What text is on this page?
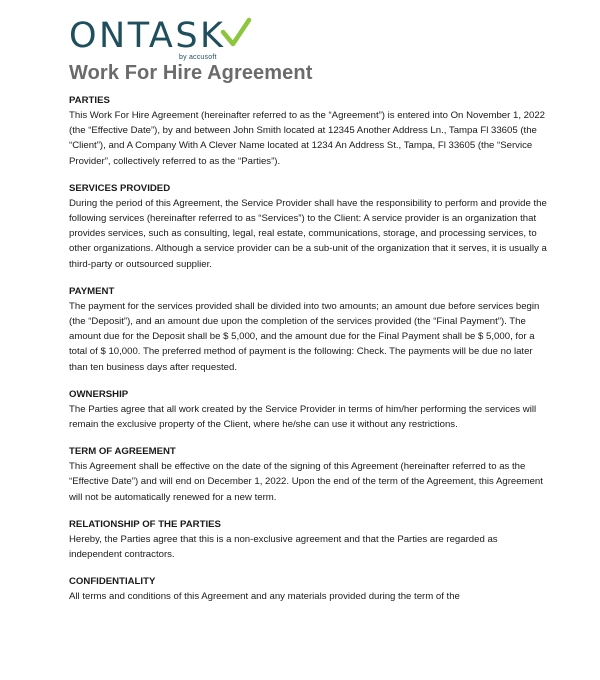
ONTASK
by accusoft
Work For Hire Agreement
PARTIES
This Work For Hire Agreement (hereinafter referred to as the “Agreement”) is entered into On November 1, 2022 (the “Effective Date”), by and between John Smith located at 12345 Another Address Ln., Tampa Fl 33605 (the “Client”), and A Company With A Clever Name located at 1234 An Address St., Tampa, Fl 33605 (the “Service Provider”, collectively referred to as the “Parties”).
SERVICES PROVIDED
During the period of this Agreement, the Service Provider shall have the responsibility to perform and provide the following services (hereinafter referred to as “Services”) to the Client: A service provider is an organization that provides services, such as consulting, legal, real estate, communications, storage, and processing services, to other organizations. Although a service provider can be a sub-unit of the organization that it serves, it is usually a third-party or outsourced supplier.
PAYMENT
The payment for the services provided shall be divided into two amounts; an amount due before services begin (the “Deposit”), and an amount due upon the completion of the services provided (the “Final Payment”). The amount due for the Deposit shall be $ 5,000, and the amount due for the Final Payment shall be $ 5,000, for a total of $ 10,000. The preferred method of payment is the following: Check. The payments will be due no later than ten business days after requested.
OWNERSHIP
The Parties agree that all work created by the Service Provider in terms of him/her performing the services will remain the exclusive property of the Client, where he/she can use it without any restrictions.
TERM OF AGREEMENT
This Agreement shall be effective on the date of the signing of this Agreement (hereinafter referred to as the “Effective Date”) and will end on December 1, 2022. Upon the end of the term of the Agreement, this Agreement will not be automatically renewed for a new term.
RELATIONSHIP OF THE PARTIES
Hereby, the Parties agree that this is a non-exclusive agreement and that the Parties are regarded as independent contractors.
CONFIDENTIALITY
All terms and conditions of this Agreement and any materials provided during the term of the
